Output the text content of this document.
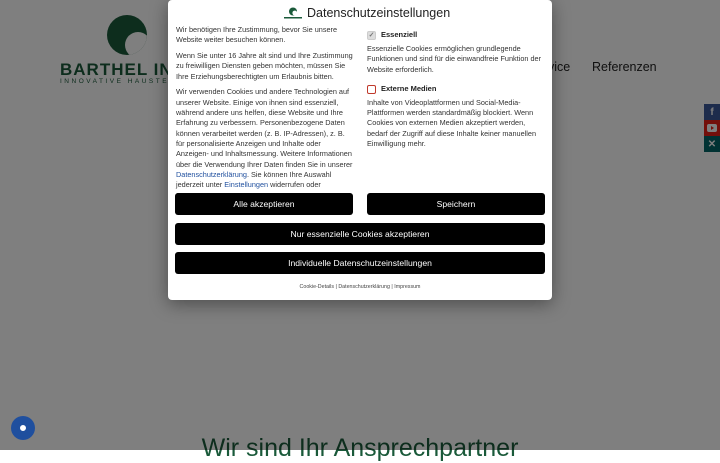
Datenschutzeinstellungen

Wir benötigen Ihre Zustimmung, bevor Sie unsere Website weiter besuchen können.

Wenn Sie unter 16 Jahre alt sind und Ihre Zustimmung zu freiwilligen Diensten geben möchten, müssen Sie Ihre Erziehungsberechtigten um Erlaubnis bitten.

Wir verwenden Cookies und andere Technologien auf unserer Website. Einige von ihnen sind essenziell, während andere uns helfen, diese Website und Ihre Erfahrung zu verbessern. Personenbezogene Daten können verarbeitet werden (z. B. IP-Adressen), z. B. für personalisierte Anzeigen und Inhalte oder Anzeigen- und Inhaltsmessung. Weitere Informationen über die Verwendung Ihrer Daten finden Sie in unserer Datenschutzerklärung. Sie können Ihre Auswahl jederzeit unter Einstellungen widerrufen oder

✓ Essenziell
Essenzielle Cookies ermöglichen grundlegende Funktionen und sind für die einwandfreie Funktion der Website erforderlich.
Externe Medien
Inhalte von Videoplattformen und Social-Media-Plattformen werden standardmäßig blockiert. Wenn Cookies von externen Medien akzeptiert werden, bedarf der Zugriff auf diese Inhalte keiner manuellen Einwilligung mehr.
Alle akzeptieren	Speichern
Nur essenzielle Cookies akzeptieren
Individuelle Datenschutzeinstellungen
Cookie-Details | Datenschutzerklärung | Impressum
